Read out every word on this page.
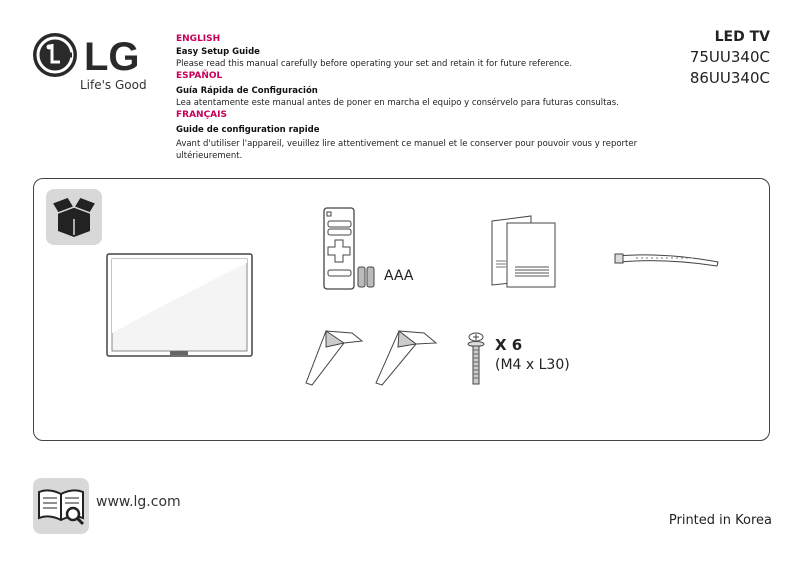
LG
Life's Good
ENGLISH
Easy Setup Guide
Please read this manual carefully before operating your set and retain it for future reference.
ESPAÑOL
Guía Rápida de Configuración
Lea atentamente este manual antes de poner en marcha el equipo y consérvelo para futuras consultas.
FRANÇAIS
Guide de configuration rapide
Avant d'utiliser l'appareil, veuillez lire attentivement ce manuel et le conserver pour pouvoir vous y reporter ultérieurement.
LED TV
75UU340C
86UU340C
AAA
X 6
(M4 x L30)
www.lg.com
Printed in Korea
